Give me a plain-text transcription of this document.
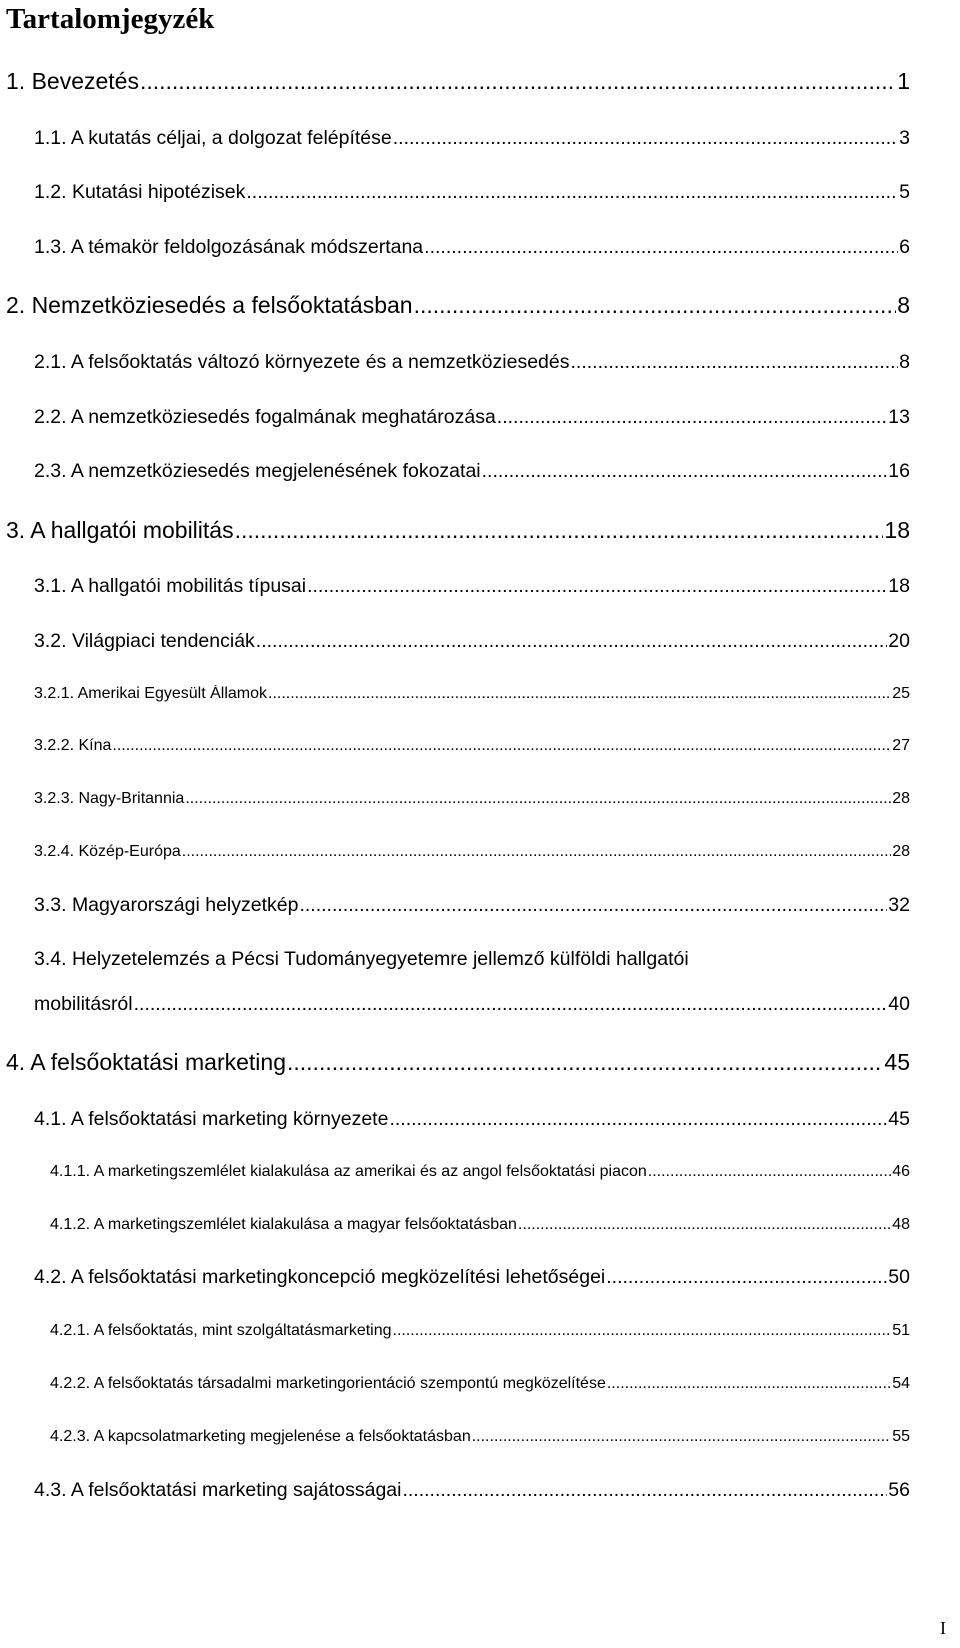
Tartalomjegyzék
1. Bevezetés .....	1
1.1. A kutatás céljai, a dolgozat felépítése .....	3
1.2. Kutatási hipotézisek .....	5
1.3. A témakör feldolgozásának módszertana .....	6
2. Nemzetköziesedés a felsőoktatásban .....	8
2.1. A felsőoktatás változó környezete és a nemzetköziesedés .....	8
2.2. A nemzetköziesedés fogalmának meghatározása .....	13
2.3. A nemzetköziesedés megjelenésének fokozatai .....	16
3. A hallgatói mobilitás .....	18
3.1. A hallgatói mobilitás típusai .....	18
3.2. Világpiaci tendenciák .....	20
3.2.1. Amerikai Egyesült Államok .....	25
3.2.2. Kína .....	27
3.2.3. Nagy-Britannia .....	28
3.2.4. Közép-Európa .....	28
3.3. Magyarországi helyzetkép .....	32
3.4. Helyzetelemzés a Pécsi Tudományegyetemre jellemző külföldi hallgatói
mobilitásról .....	40
4. A felsőoktatási marketing .....	45
4.1. A felsőoktatási marketing környezete .....	45
4.1.1. A marketingszemlélet kialakulása az amerikai és az angol felsőoktatási piacon .....	46
4.1.2. A marketingszemlélet kialakulása a magyar felsőoktatásban .....	48
4.2. A felsőoktatási marketingkoncepció megközelítési lehetőségei .....	50
4.2.1. A felsőoktatás, mint szolgáltatásmarketing .....	51
4.2.2. A felsőoktatás társadalmi marketingorientáció szempontú megközelítése .....	54
4.2.3. A kapcsolatmarketing megjelenése a felsőoktatásban .....	55
4.3. A felsőoktatási marketing sajátosságai .....	56
I
